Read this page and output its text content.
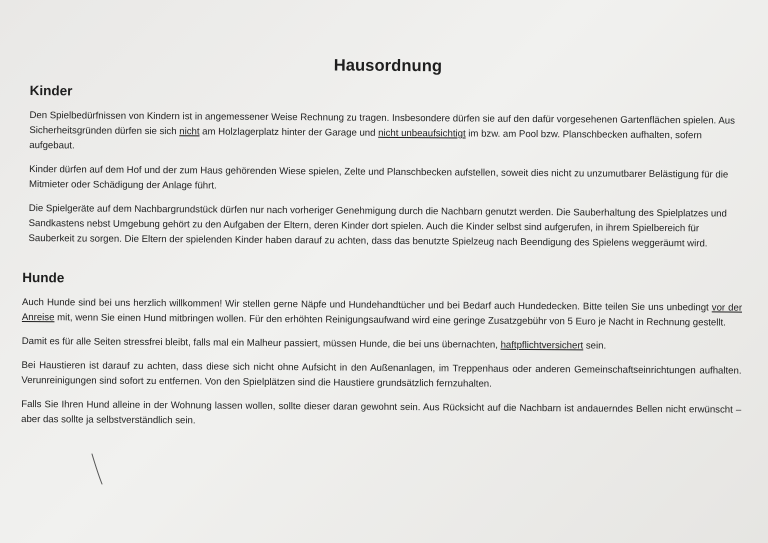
Hausordnung
Kinder

Den Spielbedürfnissen von Kindern ist in angemessener Weise Rechnung zu tragen. Insbesondere dürfen sie auf den dafür vorgesehenen Gartenflächen spielen. Aus Sicherheitsgründen dürfen sie sich nicht am Holzlagerplatz hinter der Garage und nicht unbeaufsichtigt im bzw. am Pool bzw. Planschbecken aufhalten, sofern aufgebaut.

Kinder dürfen auf dem Hof und der zum Haus gehörenden Wiese spielen, Zelte und Planschbecken aufstellen, soweit dies nicht zu unzumutbarer Belästigung für die Mitmieter oder Schädigung der Anlage führt.

Die Spielgeräte auf dem Nachbargrundstück dürfen nur nach vorheriger Genehmigung durch die Nachbarn genutzt werden. Die Sauberhaltung des Spielplatzes und Sandkastens nebst Umgebung gehört zu den Aufgaben der Eltern, deren Kinder dort spielen. Auch die Kinder selbst sind aufgerufen, in ihrem Spielbereich für Sauberkeit zu sorgen. Die Eltern der spielenden Kinder haben darauf zu achten, dass das benutzte Spielzeug nach Beendigung des Spielens weggeräumt wird.

Hunde

Auch Hunde sind bei uns herzlich willkommen! Wir stellen gerne Näpfe und Hundehandtücher und bei Bedarf auch Hundedecken. Bitte teilen Sie uns unbedingt vor der Anreise mit, wenn Sie einen Hund mitbringen wollen. Für den erhöhten Reinigungsaufwand wird eine geringe Zusatzgebühr von 5 Euro je Nacht in Rechnung gestellt.

Damit es für alle Seiten stressfrei bleibt, falls mal ein Malheur passiert, müssen Hunde, die bei uns übernachten, haftpflichtversichert sein.

Bei Haustieren ist darauf zu achten, dass diese sich nicht ohne Aufsicht in den Außenanlagen, im Treppenhaus oder anderen Gemeinschaftseinrichtungen aufhalten. Verunreinigungen sind sofort zu entfernen. Von den Spielplätzen sind die Haustiere grundsätzlich fernzuhalten.

Falls Sie Ihren Hund alleine in der Wohnung lassen wollen, sollte dieser daran gewohnt sein. Aus Rücksicht auf die Nachbarn ist andauerndes Bellen nicht erwünscht – aber das sollte ja selbstverständlich sein.
